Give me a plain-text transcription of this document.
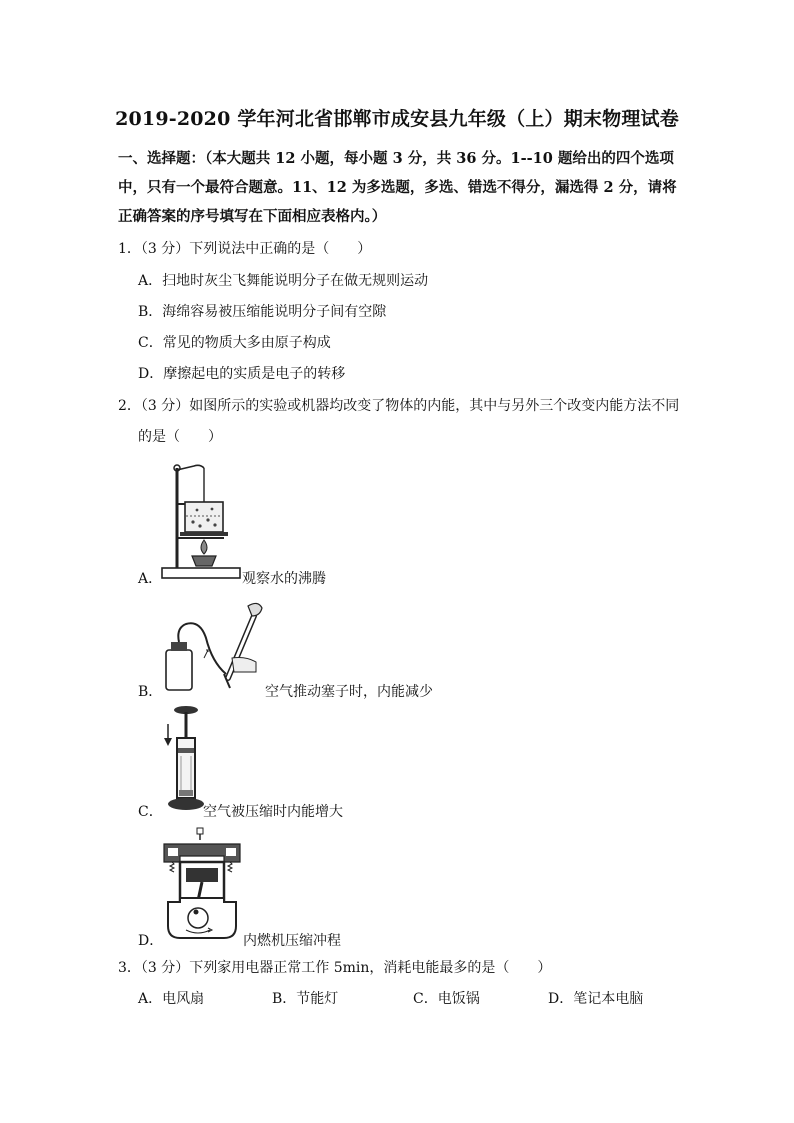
2019-2020 学年河北省邯郸市成安县九年级（上）期末物理试卷
一、选择题：（本大题共 12 小题，每小题 3 分，共 36 分。1--10 题给出的四个选项中，只有一个最符合题意。11、12 为多选题，多选、错选不得分，漏选得 2 分，请将正确答案的序号填写在下面相应表格内。）
1．（3 分）下列说法中正确的是（　　）
A．扫地时灰尘飞舞能说明分子在做无规则运动
B．海绵容易被压缩能说明分子间有空隙
C．常见的物质大多由原子构成
D．摩擦起电的实质是电子的转移
2．（3 分）如图所示的实验或机器均改变了物体的内能，其中与另外三个改变内能方法不同
的是（　　）
A．	观察水的沸腾
B．	空气推动塞子时，内能减少
C．	空气被压缩时内能增大
D．	内燃机压缩冲程
3．（3 分）下列家用电器正常工作 5min，消耗电能最多的是（　　）
A．电风扇	B．节能灯	C．电饭锅	D．笔记本电脑
